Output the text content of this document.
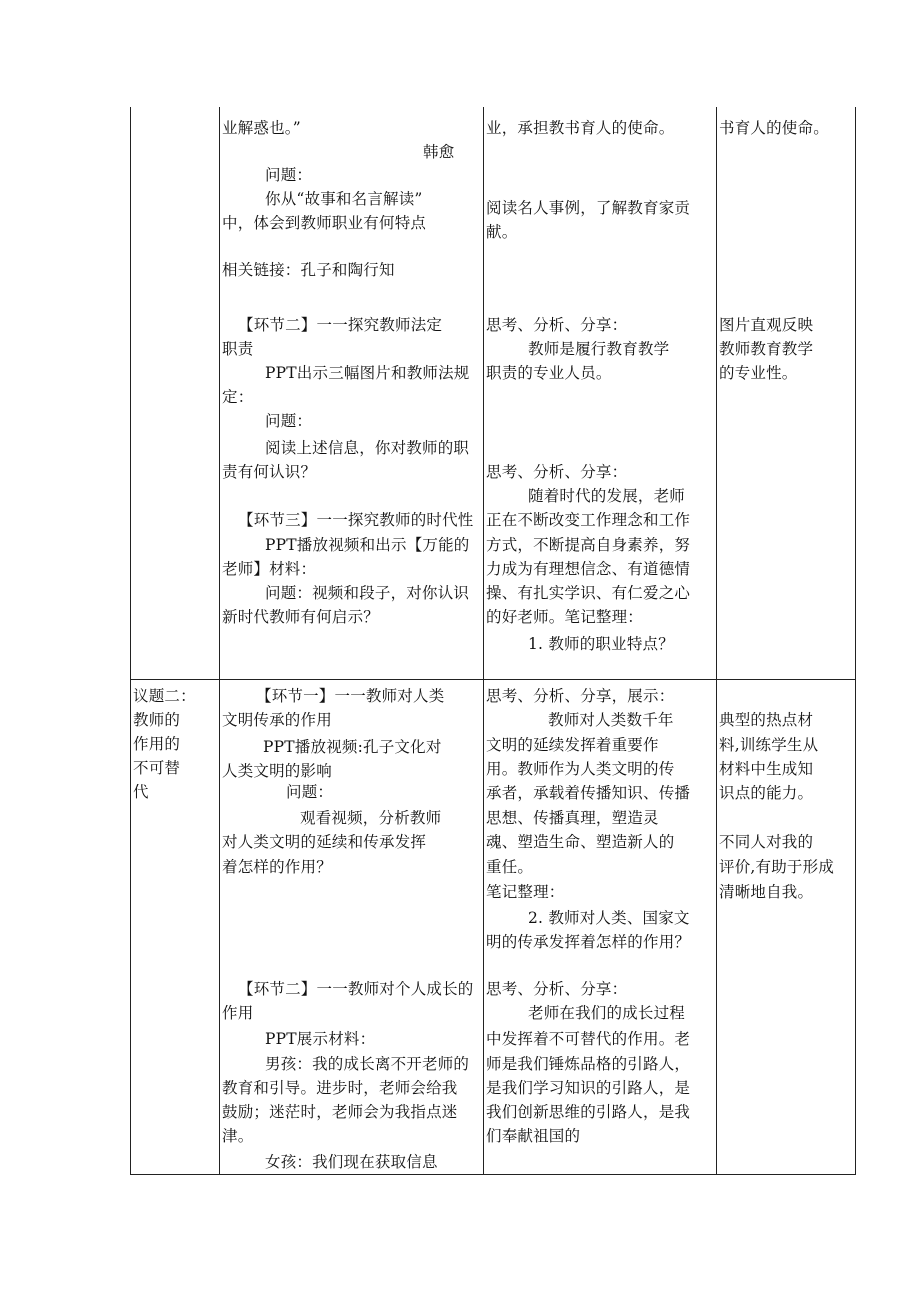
业解惑也。”
韩愈
问题：
你从“故事和名言解读”
中，体会到教师职业有何特点
相关链接：孔子和陶行知
【环节二】一一探究教师法定
职责
PPT出示三幅图片和教师法规
定：
问题：
阅读上述信息，你对教师的职
责有何认识？
【环节三】一一探究教师的时代性
PPT播放视频和出示【万能的
老师】材料：
问题：视频和段子，对你认识
新时代教师有何启示？
业，承担教书育人的使命。
阅读名人事例，了解教育家贡
献。
思考、分析、分享：
教师是履行教育教学
职责的专业人员。
思考、分析、分享：
随着时代的发展，老师
正在不断改变工作理念和工作
方式，不断提高自身素养，努
力成为有理想信念、有道德情
操、有扎实学识、有仁爱之心
的好老师。笔记整理：
1. 教师的职业特点？
书育人的使命。
图片直观反映
教师教育教学
的专业性。
议题二：
教师的
作用的
不可替
代
【环节一】一一教师对人类
文明传承的作用
PPT播放视频:孔子文化对
人类文明的影响
问题：
观看视频，分析教师
对人类文明的延续和传承发挥
着怎样的作用？
【环节二】一一教师对个人成长的
作用
PPT展示材料：
男孩：我的成长离不开老师的
教育和引导。进步时，老师会给我
鼓励；迷茫时，老师会为我指点迷
津。
女孩：我们现在获取信息
思考、分析、分享，展示：
教师对人类数千年
文明的延续发挥着重要作
用。教师作为人类文明的传
承者，承载着传播知识、传播
思想、传播真理，塑造灵
魂、塑造生命、塑造新人的
重任。
笔记整理：
2. 教师对人类、国家文
明的传承发挥着怎样的作用？
思考、分析、分享：
老师在我们的成长过程
中发挥着不可替代的作用。老
师是我们锤炼品格的引路人，
是我们学习知识的引路人，是
我们创新思维的引路人，是我
们奉献祖国的
典型的热点材
料,训练学生从
材料中生成知
识点的能力。
不同人对我的
评价,有助于形成
清晰地自我。
